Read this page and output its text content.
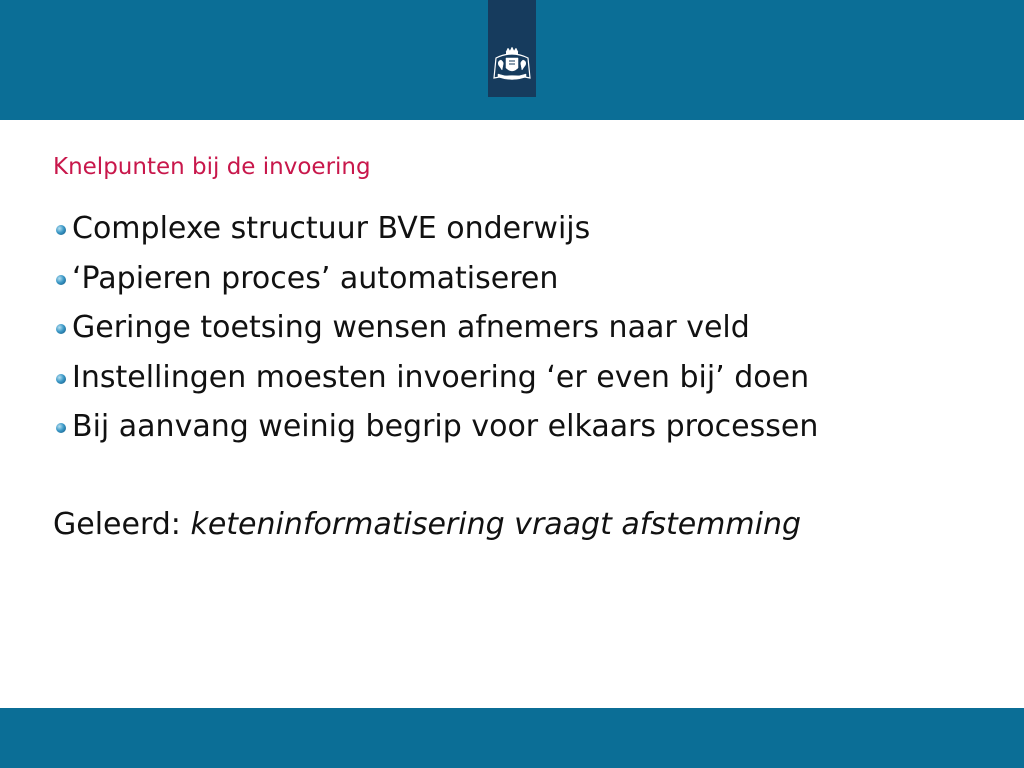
Knelpunten bij de invoering
Complexe structuur BVE onderwijs
‘Papieren proces’ automatiseren
Geringe toetsing wensen afnemers naar veld
Instellingen moesten invoering ‘er even bij’ doen
Bij aanvang weinig begrip voor elkaars processen
Geleerd: keteninformatisering vraagt afstemming
